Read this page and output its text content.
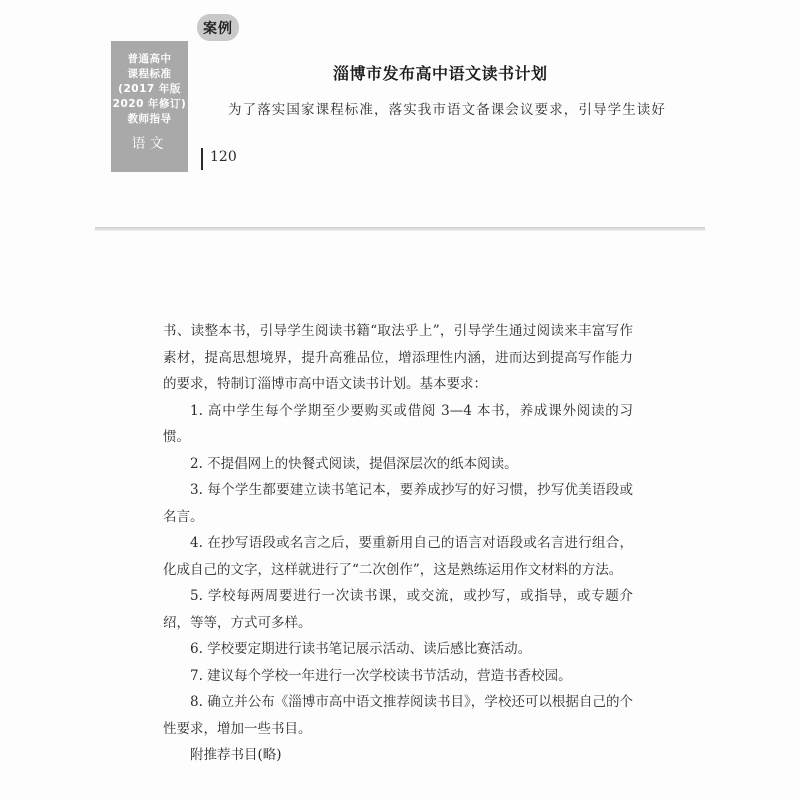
案例
普通高中
课程标准
(2017 年版
2020 年修订)
教师指导
语文
淄博市发布高中语文读书计划
为了落实国家课程标准，落实我市语文备课会议要求，引导学生读好
120

书、读整本书，引导学生阅读书籍“取法乎上”，引导学生通过阅读来丰富写作素材，提高思想境界，提升高雅品位，增添理性内涵，进而达到提高写作能力的要求，特制订淄博市高中语文读书计划。基本要求：

1. 高中学生每个学期至少要购买或借阅 3—4 本书，养成课外阅读的习惯。

2. 不提倡网上的快餐式阅读，提倡深层次的纸本阅读。

3. 每个学生都要建立读书笔记本，要养成抄写的好习惯，抄写优美语段或名言。

4. 在抄写语段或名言之后，要重新用自己的语言对语段或名言进行组合，化成自己的文字，这样就进行了“二次创作”，这是熟练运用作文材料的方法。

5. 学校每两周要进行一次读书课，或交流，或抄写，或指导，或专题介绍，等等，方式可多样。

6. 学校要定期进行读书笔记展示活动、读后感比赛活动。

7. 建议每个学校一年进行一次学校读书节活动，营造书香校园。

8. 确立并公布《淄博市高中语文推荐阅读书目》，学校还可以根据自己的个性要求，增加一些书目。

附推荐书目(略)
